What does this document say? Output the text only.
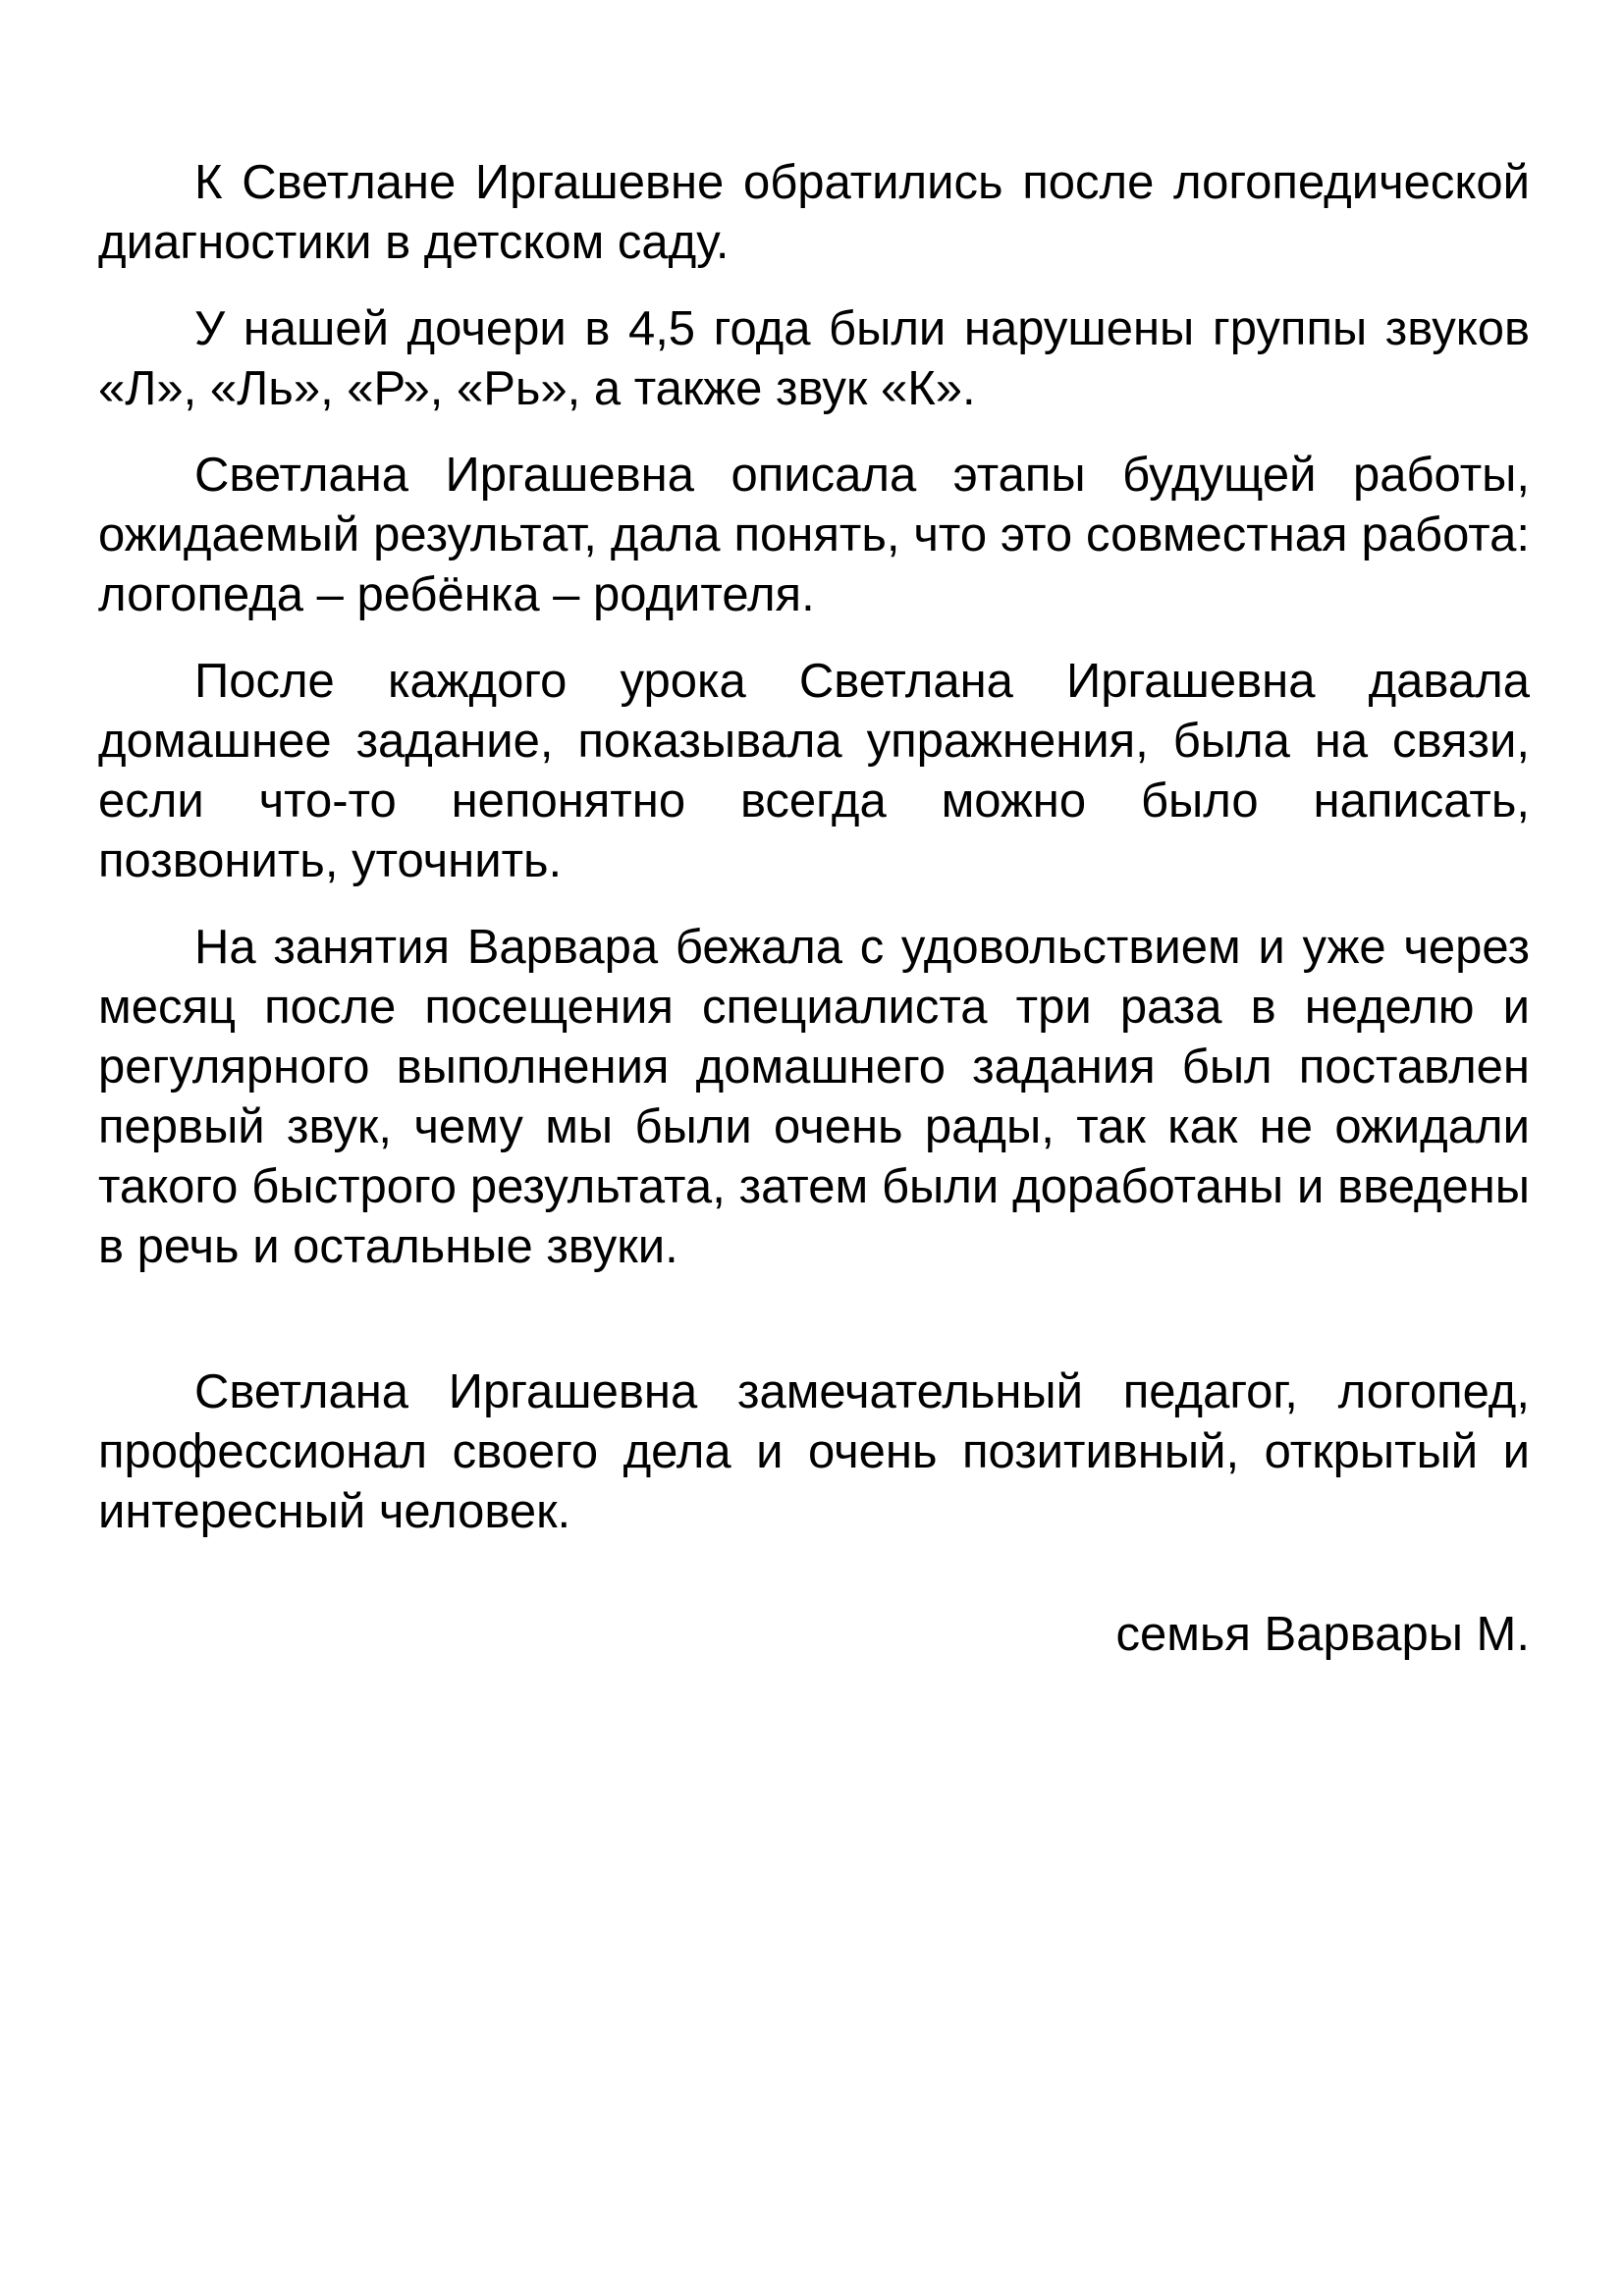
К Светлане Иргашевне обратились после логопедической диагностики в детском саду.

У нашей дочери в 4,5 года были нарушены группы звуков «Л», «Ль», «Р», «Рь», а также звук «К».

Светлана Иргашевна описала этапы будущей работы, ожидаемый результат, дала понять, что это совместная работа: логопеда – ребёнка – родителя.

После каждого урока Светлана Иргашевна давала домашнее задание, показывала упражнения, была на связи, если что-то непонятно всегда можно было написать, позвонить, уточнить.

На занятия Варвара бежала с удовольствием и уже через месяц после посещения специалиста три раза в неделю и регулярного выполнения домашнего задания был поставлен первый звук, чему мы были очень рады, так как не ожидали такого быстрого результата, затем были доработаны и введены в речь и остальные звуки.

Светлана Иргашевна замечательный педагог, логопед, профессионал своего дела и очень позитивный, открытый и интересный человек.

семья Варвары М.
